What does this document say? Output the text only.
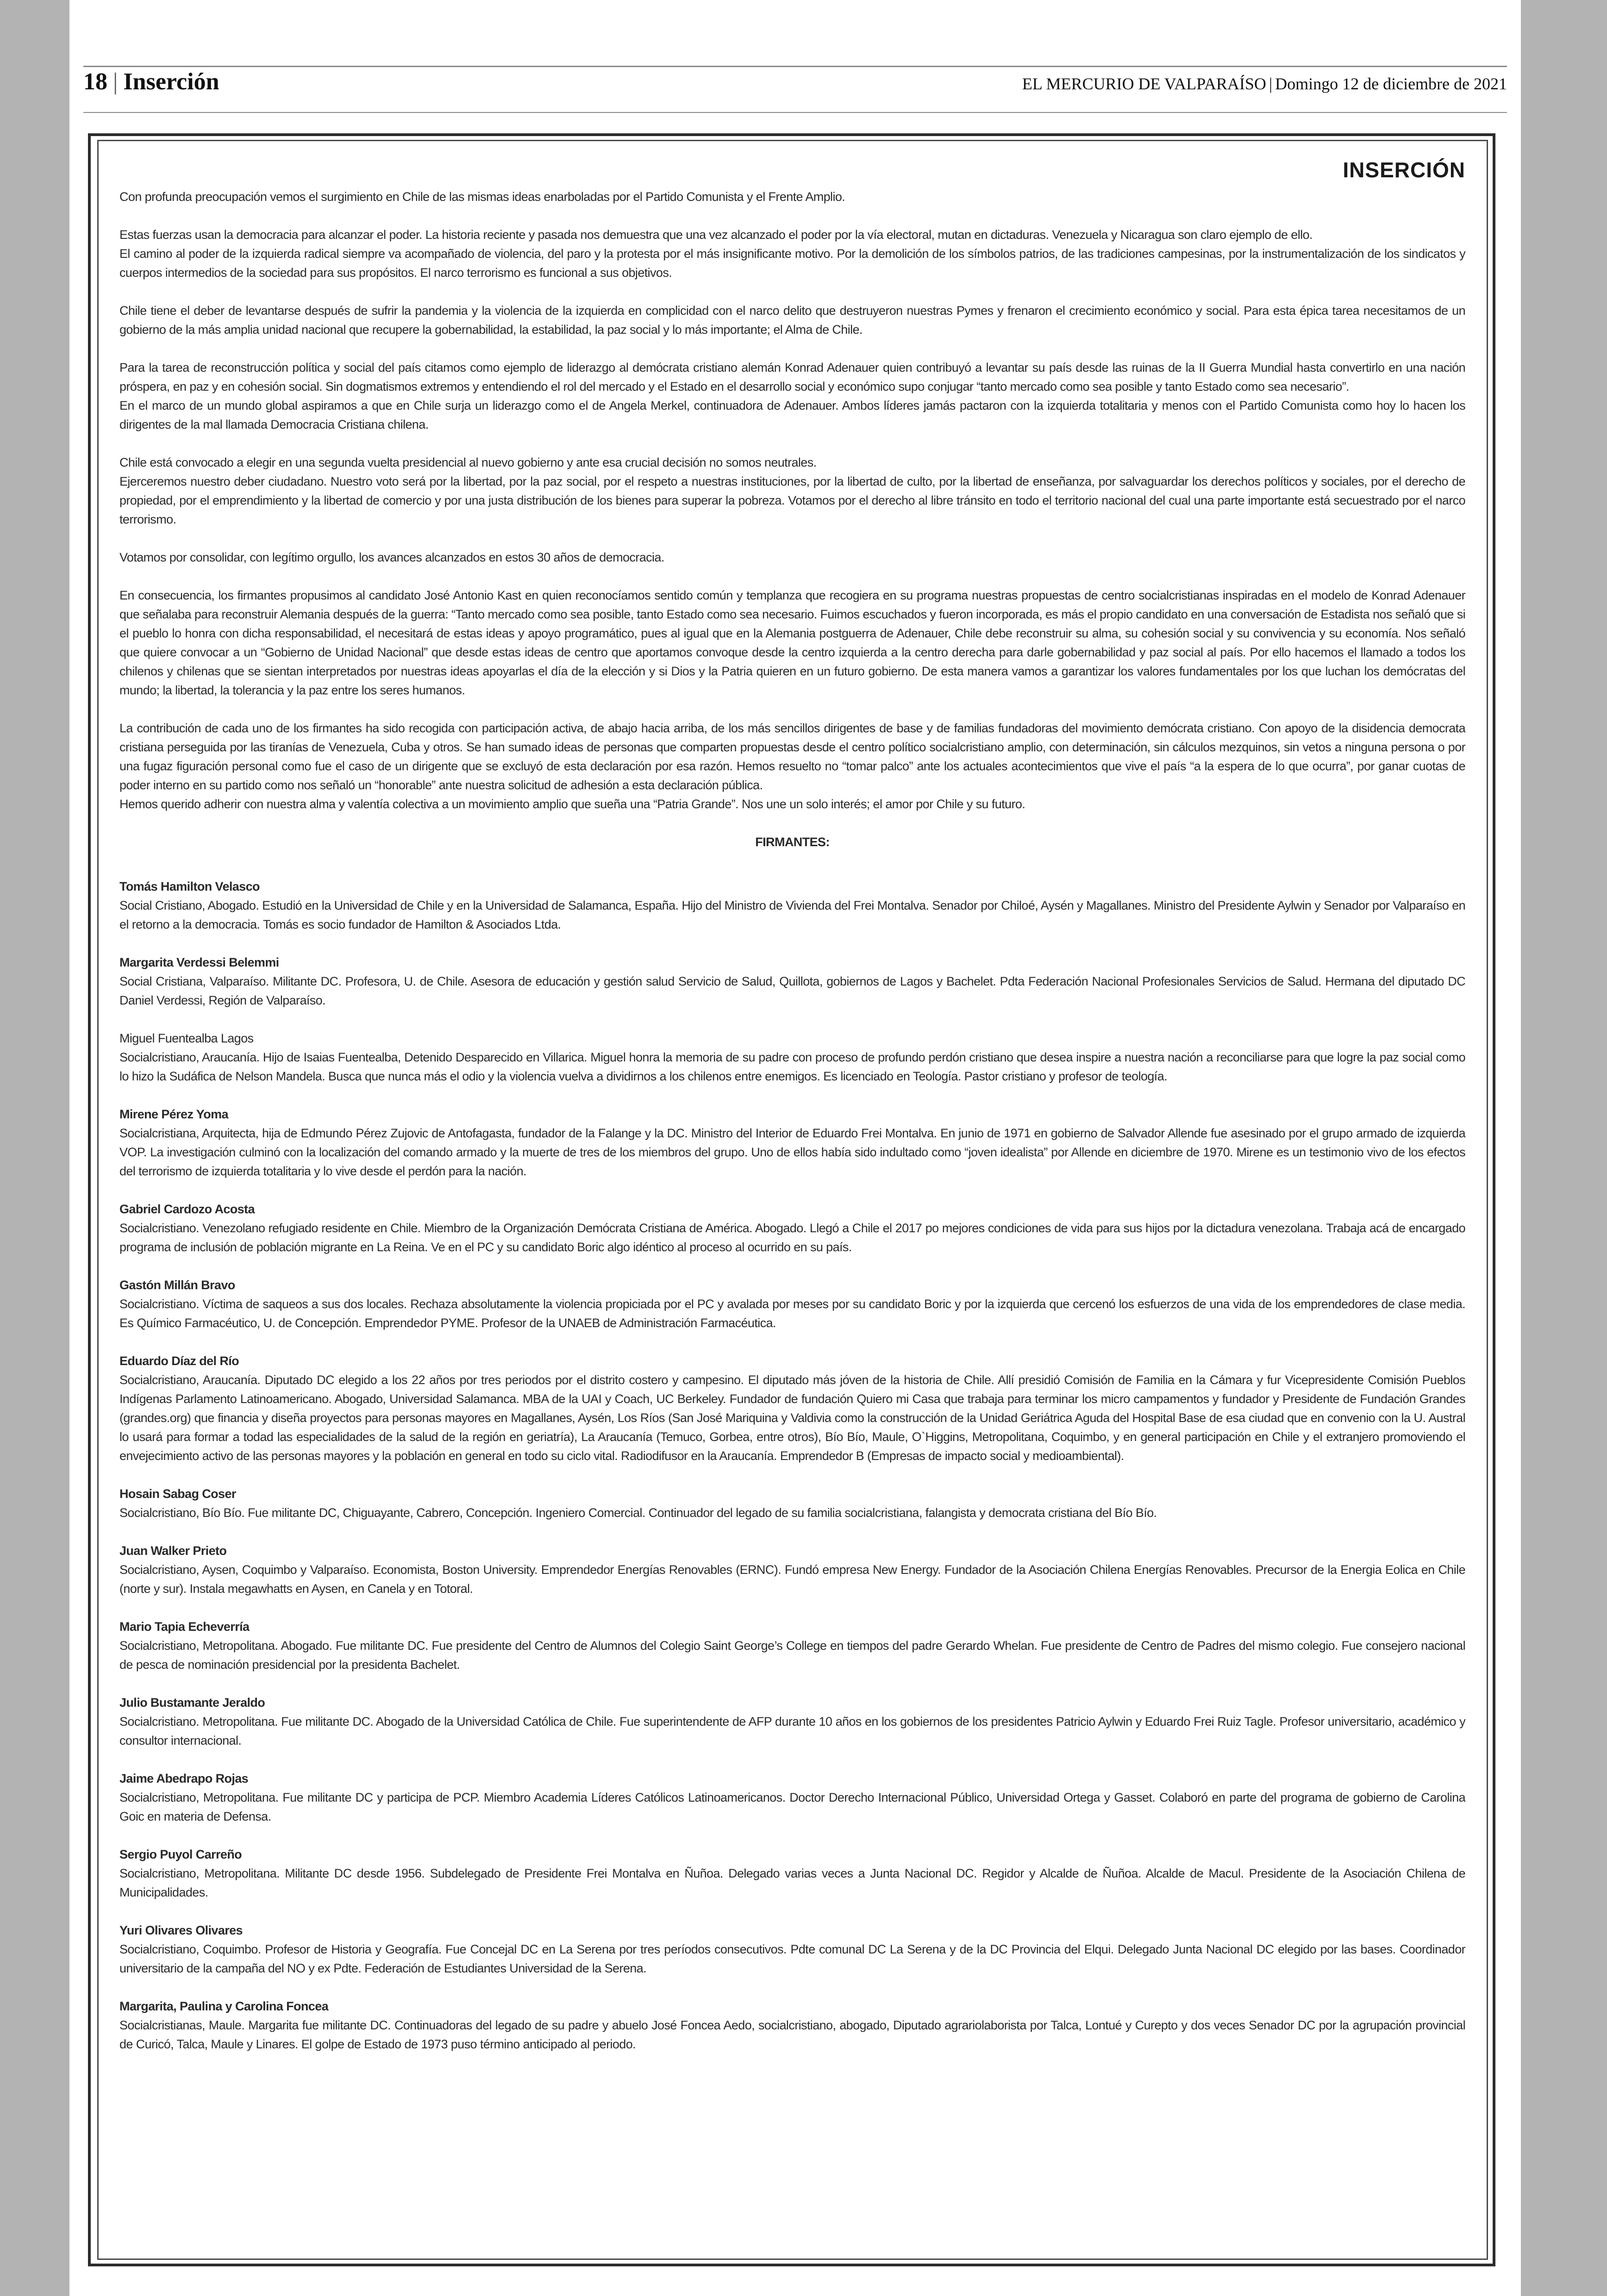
18 | Inserción	EL MERCURIO DE VALPARAÍSO | Domingo 12 de diciembre de 2021
INSERCIÓN
Con profunda preocupación vemos el surgimiento en Chile de las mismas ideas enarboladas por el Partido Comunista y el Frente Amplio.
Estas fuerzas usan la democracia para alcanzar el poder. La historia reciente y pasada nos demuestra que una vez alcanzado el poder por la vía electoral, mutan en dictaduras. Venezuela y Nicaragua son claro ejemplo de ello.
El camino al poder de la izquierda radical siempre va acompañado de violencia, del paro y la protesta por el más insignificante motivo. Por la demolición de los símbolos patrios, de las tradiciones campesinas, por la instrumentalización de los sindicatos y cuerpos intermedios de la sociedad para sus propósitos. El narco terrorismo es funcional a sus objetivos.
Chile tiene el deber de levantarse después de sufrir la pandemia y la violencia de la izquierda en complicidad con el narco delito que destruyeron nuestras Pymes y frenaron el crecimiento económico y social. Para esta épica tarea necesitamos de un gobierno de la más amplia unidad nacional que recupere la gobernabilidad, la estabilidad, la paz social y lo más importante; el Alma de Chile.
Para la tarea de reconstrucción política y social del país citamos como ejemplo de liderazgo al demócrata cristiano alemán Konrad Adenauer quien contribuyó a levantar su país desde las ruinas de la II Guerra Mundial hasta convertirlo en una nación próspera, en paz y en cohesión social. Sin dogmatismos extremos y entendiendo el rol del mercado y el Estado en el desarrollo social y económico supo conjugar “tanto mercado como sea posible y tanto Estado como sea necesario”.
En el marco de un mundo global aspiramos a que en Chile surja un liderazgo como el de Angela Merkel, continuadora de Adenauer. Ambos líderes jamás pactaron con la izquierda totalitaria y menos con el Partido Comunista como hoy lo hacen los dirigentes de la mal llamada Democracia Cristiana chilena.
Chile está convocado a elegir en una segunda vuelta presidencial al nuevo gobierno y ante esa crucial decisión no somos neutrales.
Ejerceremos nuestro deber ciudadano. Nuestro voto será por la libertad, por la paz social, por el respeto a nuestras instituciones, por la libertad de culto, por la libertad de enseñanza, por salvaguardar los derechos políticos y sociales, por el derecho de propiedad, por el emprendimiento y la libertad de comercio y por una justa distribución de los bienes para superar la pobreza. Votamos por el derecho al libre tránsito en todo el territorio nacional del cual una parte importante está secuestrado por el narco terrorismo.
Votamos por consolidar, con legítimo orgullo, los avances alcanzados en estos 30 años de democracia.
En consecuencia, los firmantes propusimos al candidato José Antonio Kast en quien reconocíamos sentido común y templanza que recogiera en su programa nuestras propuestas de centro socialcristianas inspiradas en el modelo de Konrad Adenauer que señalaba para reconstruir Alemania después de la guerra: “Tanto mercado como sea posible, tanto Estado como sea necesario. Fuimos escuchados y fueron incorporada, es más el propio candidato en una conversación de Estadista nos señaló que si el pueblo lo honra con dicha responsabilidad, el necesitará de estas ideas y apoyo programático, pues al igual que en la Alemania postguerra de Adenauer, Chile debe reconstruir su alma, su cohesión social y su convivencia y su economía. Nos señaló que quiere convocar a un “Gobierno de Unidad Nacional” que desde estas ideas de centro que aportamos convoque desde la centro izquierda a la centro derecha para darle gobernabilidad y paz social al país. Por ello hacemos el llamado a todos los chilenos y chilenas que se sientan interpretados por nuestras ideas apoyarlas el día de la elección y si Dios y la Patria quieren en un futuro gobierno. De esta manera vamos a garantizar los valores fundamentales por los que luchan los demócratas del mundo; la libertad, la tolerancia y la paz entre los seres humanos.
La contribución de cada uno de los firmantes ha sido recogida con participación activa, de abajo hacia arriba, de los más sencillos dirigentes de base y de familias fundadoras del movimiento demócrata cristiano. Con apoyo de la disidencia democrata cristiana perseguida por las tiranías de Venezuela, Cuba y otros. Se han sumado ideas de personas que comparten propuestas desde el centro político socialcristiano amplio, con determinación, sin cálculos mezquinos, sin vetos a ninguna persona o por una fugaz figuración personal como fue el caso de un dirigente que se excluyó de esta declaración por esa razón. Hemos resuelto no “tomar palco” ante los actuales acontecimientos que vive el país “a la espera de lo que ocurra”, por ganar cuotas de poder interno en su partido como nos señaló un “honorable” ante nuestra solicitud de adhesión a esta declaración pública.
Hemos querido adherir con nuestra alma y valentía colectiva a un movimiento amplio que sueña una “Patria Grande”. Nos une un solo interés; el amor por Chile y su futuro.
FIRMANTES:
Tomás Hamilton Velasco
Social Cristiano, Abogado. Estudió en la Universidad de Chile y en la Universidad de Salamanca, España. Hijo del Ministro de Vivienda del Frei Montalva. Senador por Chiloé, Aysén y Magallanes. Ministro del Presidente Aylwin y Senador por Valparaíso en el retorno a la democracia. Tomás es socio fundador de Hamilton & Asociados Ltda.
Margarita Verdessi Belemmi
Social Cristiana, Valparaíso. Militante DC. Profesora, U. de Chile. Asesora de educación y gestión salud Servicio de Salud, Quillota, gobiernos de Lagos y Bachelet. Pdta Federación Nacional Profesionales Servicios de Salud. Hermana del diputado DC Daniel Verdessi, Región de Valparaíso.
Miguel Fuentealba Lagos
Socialcristiano, Araucanía. Hijo de Isaias Fuentealba, Detenido Desparecido en Villarica. Miguel honra la memoria de su padre con proceso de profundo perdón cristiano que desea inspire a nuestra nación a reconciliarse para que logre la paz social como lo hizo la Sudáfica de Nelson Mandela. Busca que nunca más el odio y la violencia vuelva a dividirnos a los chilenos entre enemigos. Es licenciado en Teología. Pastor cristiano y profesor de teología.
Mirene Pérez Yoma
Socialcristiana, Arquitecta, hija de Edmundo Pérez Zujovic de Antofagasta, fundador de la Falange y la DC. Ministro del Interior de Eduardo Frei Montalva. En junio de 1971 en gobierno de Salvador Allende fue asesinado por el grupo armado de izquierda VOP. La investigación culminó con la localización del comando armado y la muerte de tres de los miembros del grupo. Uno de ellos había sido indultado como “joven idealista” por Allende en diciembre de 1970. Mirene es un testimonio vivo de los efectos del terrorismo de izquierda totalitaria y lo vive desde el perdón para la nación.
Gabriel Cardozo Acosta
Socialcristiano. Venezolano refugiado residente en Chile. Miembro de la Organización Demócrata Cristiana de América. Abogado. Llegó a Chile el 2017 po mejores condiciones de vida para sus hijos por la dictadura venezolana. Trabaja acá de encargado programa de inclusión de población migrante en La Reina. Ve en el PC y su candidato Boric algo idéntico al proceso al ocurrido en su país.
Gastón Millán Bravo
Socialcristiano. Víctima de saqueos a sus dos locales. Rechaza absolutamente la violencia propiciada por el PC y avalada por meses por su candidato Boric y por la izquierda que cercenó los esfuerzos de una vida de los emprendedores de clase media. Es Químico Farmacéutico, U. de Concepción. Emprendedor PYME. Profesor de la UNAEB de Administración Farmacéutica.
Eduardo Díaz del Río
Socialcristiano, Araucanía. Diputado DC elegido a los 22 años por tres periodos por el distrito costero y campesino. El diputado más jóven de la historia de Chile. Allí presidió Comisión de Familia en la Cámara y fur Vicepresidente Comisión Pueblos Indígenas Parlamento Latinoamericano. Abogado, Universidad Salamanca. MBA de la UAI y Coach, UC Berkeley. Fundador de fundación Quiero mi Casa que trabaja para terminar los micro campamentos y fundador y Presidente de Fundación Grandes (grandes.org) que financia y diseña proyectos para personas mayores en Magallanes, Aysén, Los Ríos (San José Mariquina y Valdivia como la construcción de la Unidad Geriátrica Aguda del Hospital Base de esa ciudad que en convenio con la U. Austral lo usará para formar a todad las especialidades de la salud de la región en geriatría), La Araucanía (Temuco, Gorbea, entre otros), Bío Bío, Maule, O`Higgins, Metropolitana, Coquimbo, y en general participación en Chile y el extranjero promoviendo el envejecimiento activo de las personas mayores y la población en general en todo su ciclo vital. Radiodifusor en la Araucanía. Emprendedor B (Empresas de impacto social y medioambiental).
Hosain Sabag Coser
Socialcristiano, Bío Bío. Fue militante DC, Chiguayante, Cabrero, Concepción. Ingeniero Comercial. Continuador del legado de su familia socialcristiana, falangista y democrata cristiana del Bío Bío.
Juan Walker Prieto
Socialcristiano, Aysen, Coquimbo y Valparaíso. Economista, Boston University. Emprendedor Energías Renovables (ERNC). Fundó empresa New Energy. Fundador de la Asociación Chilena Energías Renovables. Precursor de la Energia Eolica en Chile (norte y sur). Instala megawhatts en Aysen, en Canela y en Totoral.
Mario Tapia Echeverría
Socialcristiano, Metropolitana. Abogado. Fue militante DC. Fue presidente del Centro de Alumnos del Colegio Saint George’s College en tiempos del padre Gerardo Whelan. Fue presidente de Centro de Padres del mismo colegio. Fue consejero nacional de pesca de nominación presidencial por la presidenta Bachelet.
Julio Bustamante Jeraldo
Socialcristiano. Metropolitana. Fue militante DC. Abogado de la Universidad Católica de Chile. Fue superintendente de AFP durante 10 años en los gobiernos de los presidentes Patricio Aylwin y Eduardo Frei Ruiz Tagle. Profesor universitario, académico y consultor internacional.
Jaime Abedrapo Rojas
Socialcristiano, Metropolitana. Fue militante DC y participa de PCP. Miembro Academia Líderes Católicos Latinoamericanos. Doctor Derecho Internacional Público, Universidad Ortega y Gasset. Colaboró en parte del programa de gobierno de Carolina Goic en materia de Defensa.
Sergio Puyol Carreño
Socialcristiano, Metropolitana. Militante DC desde 1956. Subdelegado de Presidente Frei Montalva en Ñuñoa. Delegado varias veces a Junta Nacional DC. Regidor y Alcalde de Ñuñoa. Alcalde de Macul. Presidente de la Asociación Chilena de Municipalidades.
Yuri Olivares Olivares
Socialcristiano, Coquimbo. Profesor de Historia y Geografía. Fue Concejal DC en La Serena por tres períodos consecutivos. Pdte comunal DC La Serena y de la DC Provincia del Elqui. Delegado Junta Nacional DC elegido por las bases. Coordinador universitario de la campaña del NO y ex Pdte. Federación de Estudiantes Universidad de la Serena.
Margarita, Paulina y Carolina Foncea
Socialcristianas, Maule. Margarita fue militante DC. Continuadoras del legado de su padre y abuelo José Foncea Aedo, socialcristiano, abogado, Diputado agrariolaborista por Talca, Lontué y Curepto y dos veces Senador DC por la agrupación provincial de Curicó, Talca, Maule y Linares. El golpe de Estado de 1973 puso término anticipado al periodo.
